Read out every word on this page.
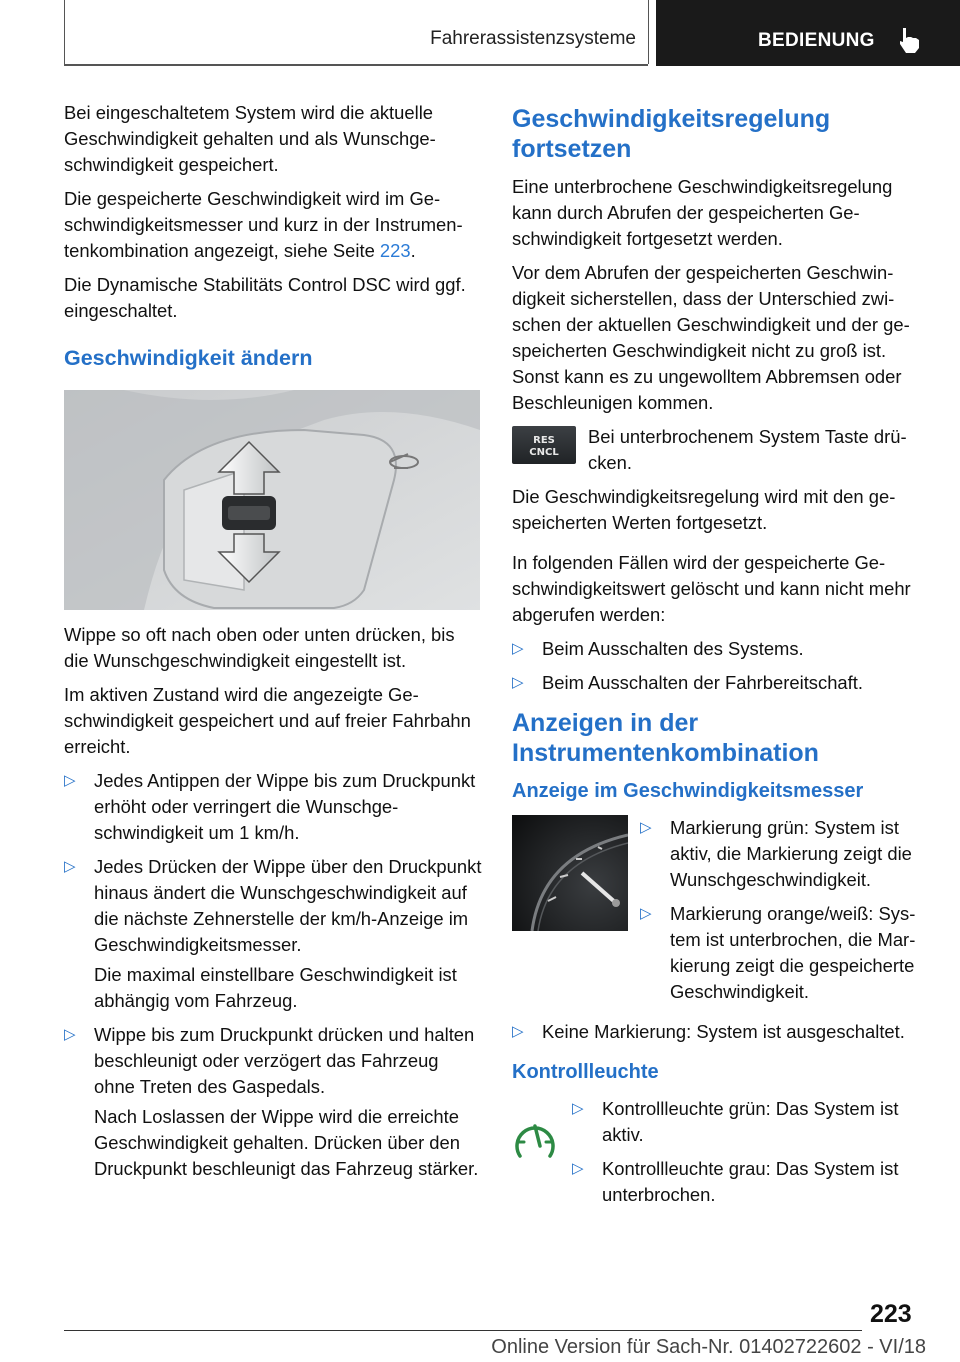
Fahrerassistenzsysteme	BEDIENUNG

Bei eingeschaltetem System wird die aktuelle Geschwindigkeit gehalten und als Wunschgeschwindigkeit gespeichert.

Die gespeicherte Geschwindigkeit wird im Geschwindigkeitsmesser und kurz in der Instrumentenkombination angezeigt, siehe Seite 223.

Die Dynamische Stabilitäts Control DSC wird ggf. eingeschaltet.

Geschwindigkeit ändern

Wippe so oft nach oben oder unten drücken, bis die Wunschgeschwindigkeit eingestellt ist.

Im aktiven Zustand wird die angezeigte Geschwindigkeit gespeichert und auf freier Fahrbahn erreicht.

▷ Jedes Antippen der Wippe bis zum Druckpunkt erhöht oder verringert die Wunschgeschwindigkeit um 1 km/h.
▷ Jedes Drücken der Wippe über den Druckpunkt hinaus ändert die Wunschgeschwindigkeit auf die nächste Zehnerstelle der km/h-Anzeige im Geschwindigkeitsmesser.

Die maximal einstellbare Geschwindigkeit ist abhängig vom Fahrzeug.

▷ Wippe bis zum Druckpunkt drücken und halten beschleunigt oder verzögert das Fahrzeug ohne Treten des Gaspedals.

Nach Loslassen der Wippe wird die erreichte Geschwindigkeit gehalten. Drücken über den Druckpunkt beschleunigt das Fahrzeug stärker.

Geschwindigkeitsregelung fortsetzen

Eine unterbrochene Geschwindigkeitsregelung kann durch Abrufen der gespeicherten Geschwindigkeit fortgesetzt werden.

Vor dem Abrufen der gespeicherten Geschwindigkeit sicherstellen, dass der Unterschied zwischen der aktuellen Geschwindigkeit und der gespeicherten Geschwindigkeit nicht zu groß ist. Sonst kann es zu ungewolltem Abbremsen oder Beschleunigen kommen.

RES
CNCL
Bei unterbrochenem System Taste drücken.

Die Geschwindigkeitsregelung wird mit den gespeicherten Werten fortgesetzt.

In folgenden Fällen wird der gespeicherte Geschwindigkeitswert gelöscht und kann nicht mehr abgerufen werden:

▷ Beim Ausschalten des Systems.
▷ Beim Ausschalten der Fahrbereitschaft.
Anzeigen in der Instrumentenkombination
Anzeige im Geschwindigkeitsmesser
▷ Markierung grün: System ist aktiv, die Markierung zeigt die Wunschgeschwindigkeit.
▷ Markierung orange/weiß: System ist unterbrochen, die Markierung zeigt die gespeicherte Geschwindigkeit.
▷ Keine Markierung: System ist ausgeschaltet.
Kontrollleuchte
▷ Kontrollleuchte grün: Das System ist aktiv.
▷ Kontrollleuchte grau: Das System ist unterbrochen.
223
Online Version für Sach-Nr. 01402722602 - VI/18
